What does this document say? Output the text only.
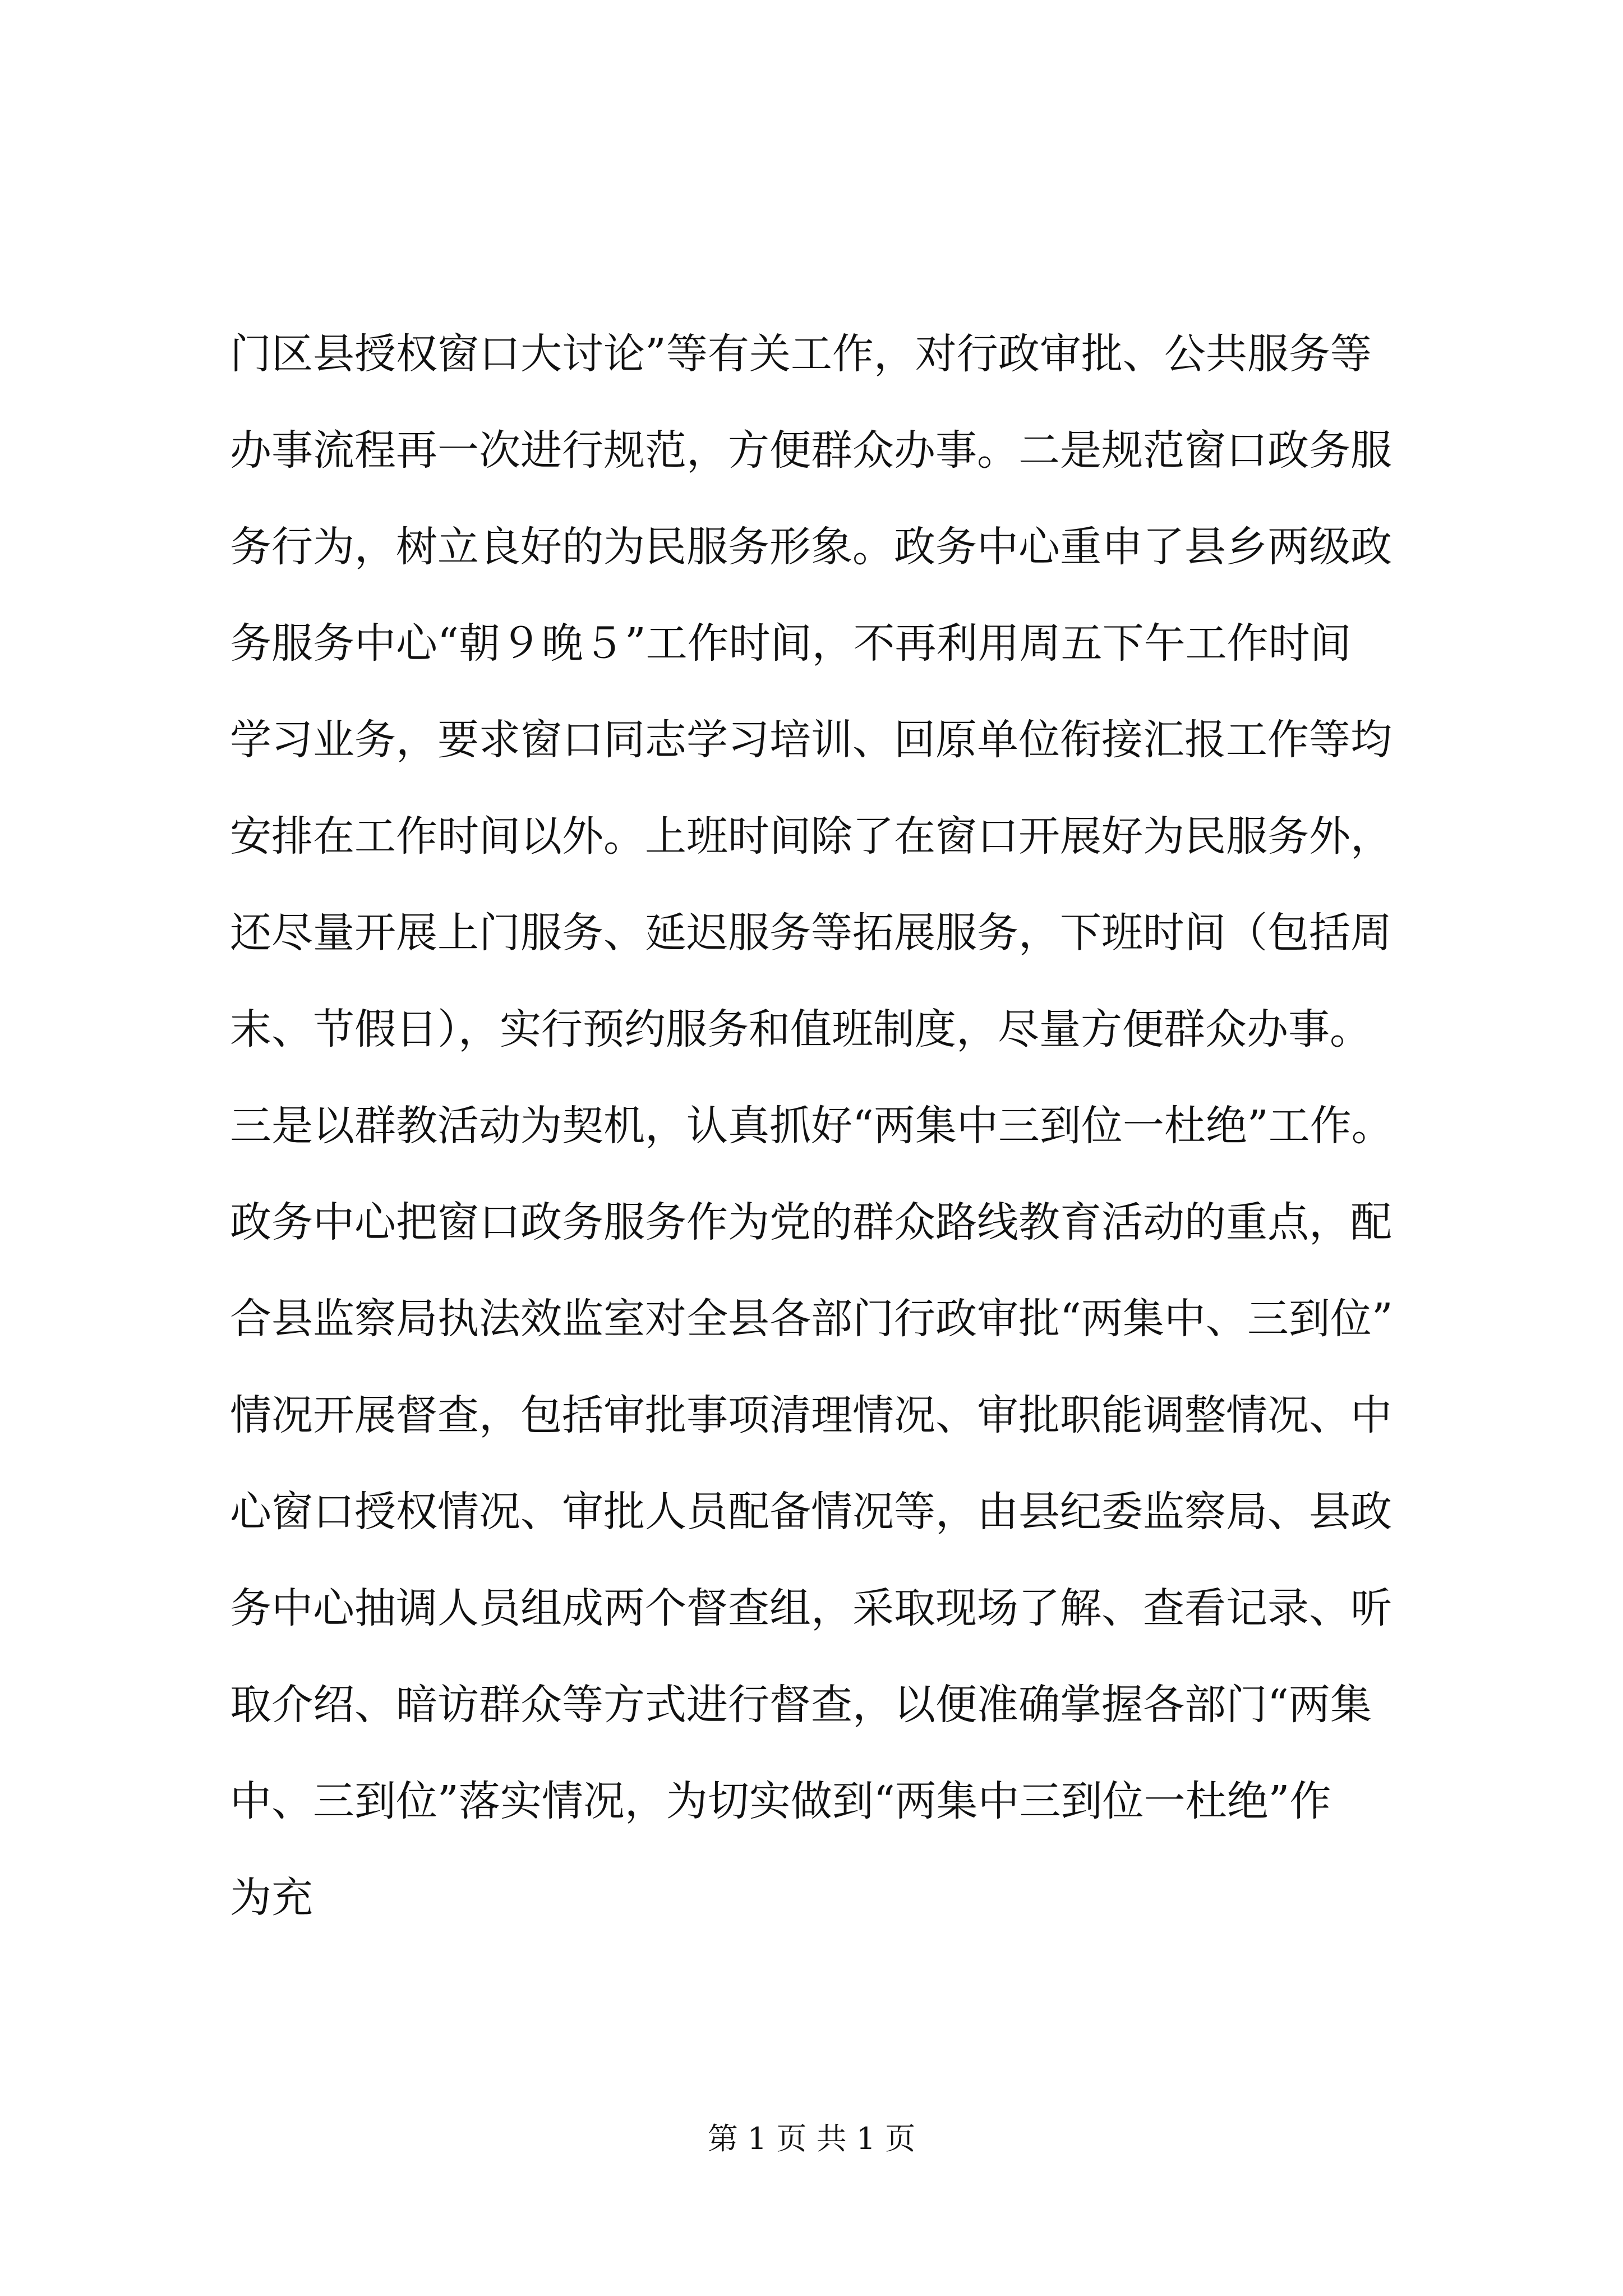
门区县授权窗口大讨论”等有关工作，对行政审批、公共服务等
办事流程再一次进行规范，方便群众办事。二是规范窗口政务服
务行为，树立良好的为民服务形象。政务中心重申了县乡两级政
务服务中心“朝９晚５”工作时间，不再利用周五下午工作时间
学习业务，要求窗口同志学习培训、回原单位衔接汇报工作等均
安排在工作时间以外。上班时间除了在窗口开展好为民服务外，
还尽量开展上门服务、延迟服务等拓展服务，下班时间（包括周
末、节假日），实行预约服务和值班制度，尽量方便群众办事。
三是以群教活动为契机，认真抓好“两集中三到位一杜绝”工作。
政务中心把窗口政务服务作为党的群众路线教育活动的重点，配
合县监察局执法效监室对全县各部门行政审批“两集中、三到位”
情况开展督查，包括审批事项清理情况、审批职能调整情况、中
心窗口授权情况、审批人员配备情况等，由县纪委监察局、县政
务中心抽调人员组成两个督查组，采取现场了解、查看记录、听
取介绍、暗访群众等方式进行督查，以便准确掌握各部门“两集
中、三到位”落实情况，为切实做到“两集中三到位一杜绝”作
为充
第 1 页 共 1 页
